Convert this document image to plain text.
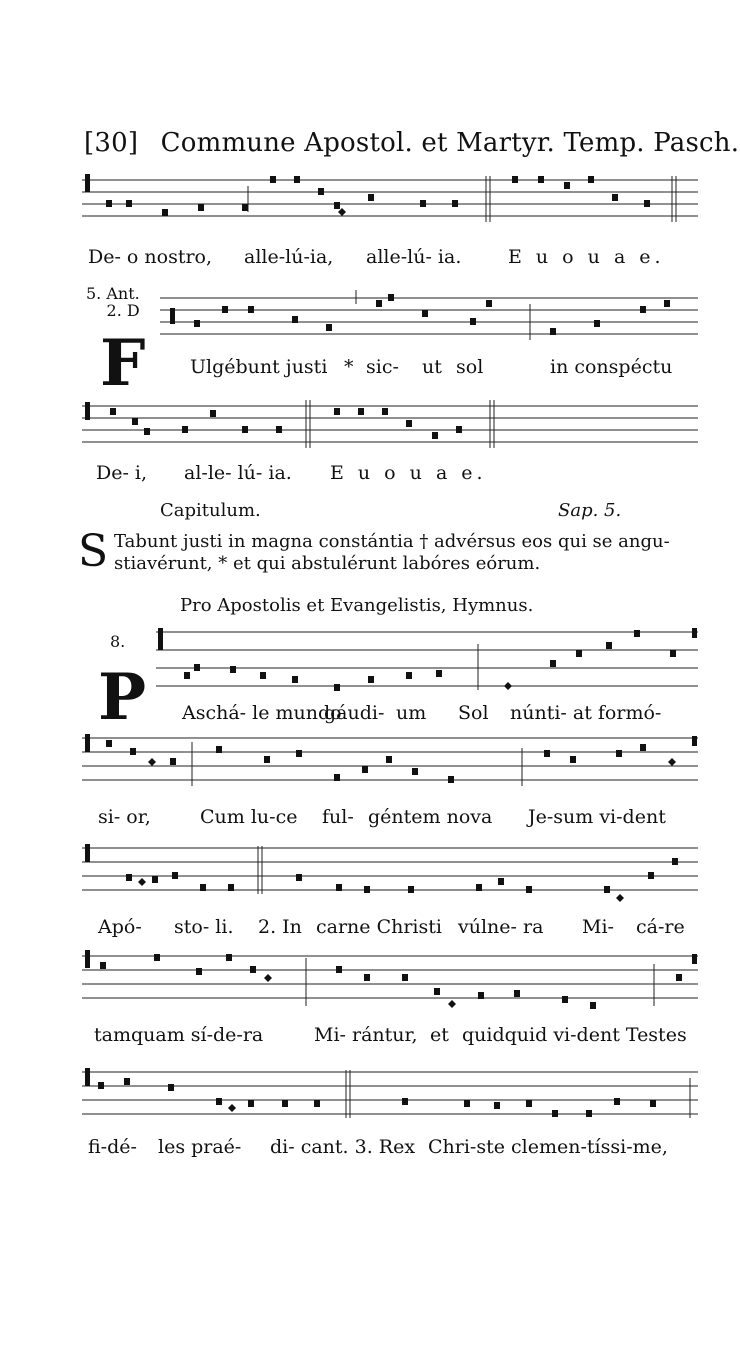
[30] Commune Apostol. et Martyr. Temp. Pasch.
De- o nostro, alle-lú-ia, alle-lú- ia. E u o u a e.
5. Ant.
2. D
F Ulgébunt justi * sic- ut sol	in conspéctu
De- i, al-le- lú- ia. E u o u a e.
Capitulum.	Sap. 5.
S Tabunt justi in magna constántia † advérsus eos qui se angu-
stiavérunt, * et qui abstulérunt labóres eórum.
Pro Apostolis et Evangelistis, Hymnus.
8.
P Aschá- le mundo
gáudi- um Sol núnti- at formó-
si- or,	Cum lu-ce ful- géntem nova Je-sum vi-dent
Apó- sto- li. 2. In carne Christi vúlne- ra Mi- cá-re
tamquam sí-de-ra	Mi- rántur, et quidquid vi-dent Testes
fi-dé- les praé- di- cant. 3. Rex Chri-ste clemen-tíssi-me,
